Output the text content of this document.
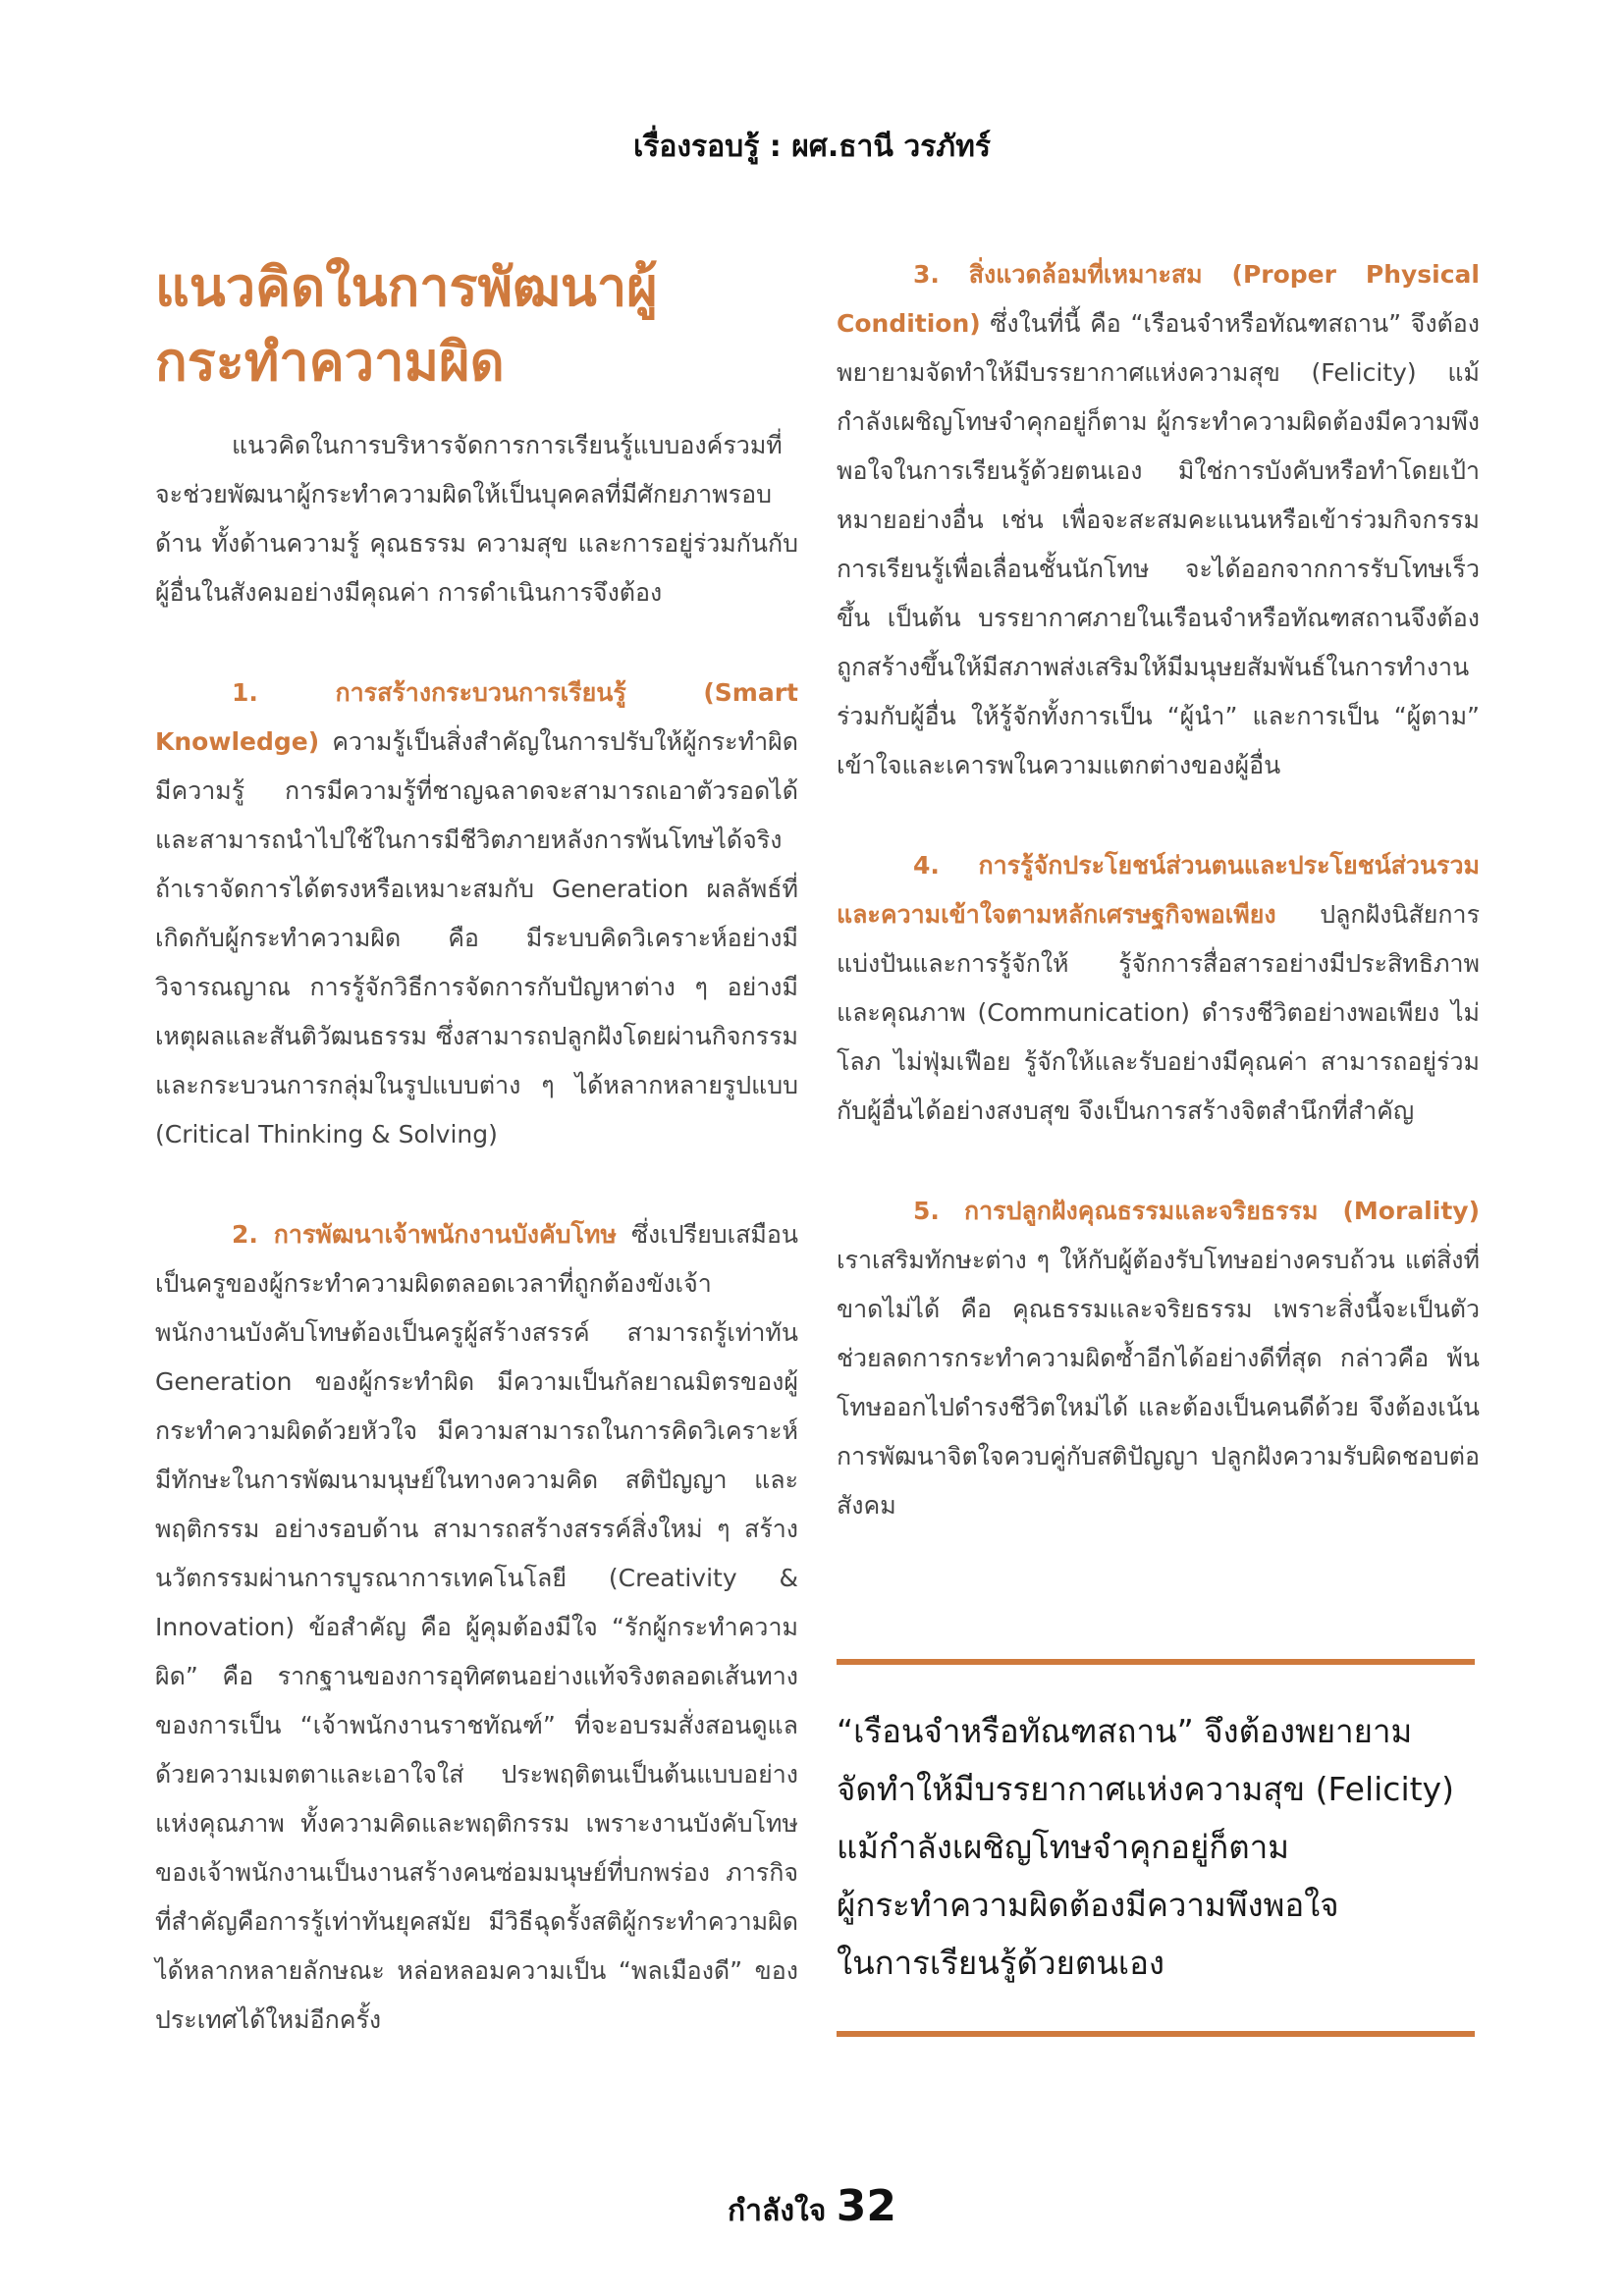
เรื่องรอบรู้ : ผศ.ธานี วรภัทร์
แนวคิดในการพัฒนาผู้กระทำความผิด

แนวคิดในการบริหารจัดการการเรียนรู้แบบองค์รวมที่จะช่วยพัฒนาผู้กระทำความผิดให้เป็นบุคคลที่มีศักยภาพรอบด้าน ทั้งด้านความรู้ คุณธรรม ความสุข และการอยู่ร่วมกันกับผู้อื่นในสังคมอย่างมีคุณค่า การดำเนินการจึงต้อง

1. การสร้างกระบวนการเรียนรู้ (Smart Knowledge) ความรู้เป็นสิ่งสำคัญในการปรับให้ผู้กระทำผิดมีความรู้ การมีความรู้ที่ชาญฉลาดจะสามารถเอาตัวรอดได้และสามารถนำไปใช้ในการมีชีวิตภายหลังการพ้นโทษได้จริง ถ้าเราจัดการได้ตรงหรือเหมาะสมกับ Generation ผลลัพธ์ที่เกิดกับผู้กระทำความผิด คือ มีระบบคิดวิเคราะห์อย่างมีวิจารณญาณ การรู้จักวิธีการจัดการกับปัญหาต่าง ๆ อย่างมีเหตุผลและสันติวัฒนธรรม ซึ่งสามารถปลูกฝังโดยผ่านกิจกรรมและกระบวนการกลุ่มในรูปแบบต่าง ๆ ได้หลากหลายรูปแบบ (Critical Thinking & Solving)

2. การพัฒนาเจ้าพนักงานบังคับโทษ ซึ่งเปรียบเสมือนเป็นครูของผู้กระทำความผิดตลอดเวลาที่ถูกต้องขังเจ้าพนักงานบังคับโทษต้องเป็นครูผู้สร้างสรรค์ สามารถรู้เท่าทัน Generation ของผู้กระทำผิด มีความเป็นกัลยาณมิตรของผู้กระทำความผิดด้วยหัวใจ มีความสามารถในการคิดวิเคราะห์ มีทักษะในการพัฒนามนุษย์ในทางความคิด สติปัญญา และพฤติกรรม อย่างรอบด้าน สามารถสร้างสรรค์สิ่งใหม่ ๆ สร้างนวัตกรรมผ่านการบูรณาการเทคโนโลยี (Creativity & Innovation) ข้อสำคัญ คือ ผู้คุมต้องมีใจ “รักผู้กระทำความผิด” คือ รากฐานของการอุทิศตนอย่างแท้จริงตลอดเส้นทางของการเป็น “เจ้าพนักงานราชทัณฑ์” ที่จะอบรมสั่งสอนดูแลด้วยความเมตตาและเอาใจใส่ ประพฤติตนเป็นต้นแบบอย่างแห่งคุณภาพ ทั้งความคิดและพฤติกรรม เพราะงานบังคับโทษของเจ้าพนักงานเป็นงานสร้างคนซ่อมมนุษย์ที่บกพร่อง ภารกิจที่สำคัญคือการรู้เท่าทันยุคสมัย มีวิธีฉุดรั้งสติผู้กระทำความผิดได้หลากหลายลักษณะ หล่อหลอมความเป็น “พลเมืองดี” ของประเทศได้ใหม่อีกครั้ง

3. สิ่งแวดล้อมที่เหมาะสม (Proper Physical Condition) ซึ่งในที่นี้ คือ “เรือนจำหรือทัณฑสถาน” จึงต้องพยายามจัดทำให้มีบรรยากาศแห่งความสุข (Felicity) แม้กำลังเผชิญโทษจำคุกอยู่ก็ตาม ผู้กระทำความผิดต้องมีความพึงพอใจในการเรียนรู้ด้วยตนเอง มิใช่การบังคับหรือทำโดยเป้าหมายอย่างอื่น เช่น เพื่อจะสะสมคะแนนหรือเข้าร่วมกิจกรรมการเรียนรู้เพื่อเลื่อนชั้นนักโทษ จะได้ออกจากการรับโทษเร็วขึ้น เป็นต้น บรรยากาศภายในเรือนจำหรือทัณฑสถานจึงต้องถูกสร้างขึ้นให้มีสภาพส่งเสริมให้มีมนุษยสัมพันธ์ในการทำงานร่วมกับผู้อื่น ให้รู้จักทั้งการเป็น “ผู้นำ” และการเป็น “ผู้ตาม” เข้าใจและเคารพในความแตกต่างของผู้อื่น

4. การรู้จักประโยชน์ส่วนตนและประโยชน์ส่วนรวมและความเข้าใจตามหลักเศรษฐกิจพอเพียง ปลูกฝังนิสัยการแบ่งปันและการรู้จักให้ รู้จักการสื่อสารอย่างมีประสิทธิภาพและคุณภาพ (Communication) ดำรงชีวิตอย่างพอเพียง ไม่โลภ ไม่ฟุ่มเฟือย รู้จักให้และรับอย่างมีคุณค่า สามารถอยู่ร่วมกับผู้อื่นได้อย่างสงบสุข จึงเป็นการสร้างจิตสำนึกที่สำคัญ

5. การปลูกฝังคุณธรรมและจริยธรรม (Morality) เราเสริมทักษะต่าง ๆ ให้กับผู้ต้องรับโทษอย่างครบถ้วน แต่สิ่งที่ขาดไม่ได้ คือ คุณธรรมและจริยธรรม เพราะสิ่งนี้จะเป็นตัวช่วยลดการกระทำความผิดซ้ำอีกได้อย่างดีที่สุด กล่าวคือ พ้นโทษออกไปดำรงชีวิตใหม่ได้ และต้องเป็นคนดีด้วย จึงต้องเน้นการพัฒนาจิตใจควบคู่กับสติปัญญา ปลูกฝังความรับผิดชอบต่อสังคม

“เรือนจำหรือทัณฑสถาน” จึงต้องพยายาม
จัดทำให้มีบรรยากาศแห่งความสุข (Felicity)
แม้กำลังเผชิญโทษจำคุกอยู่ก็ตาม
ผู้กระทำความผิดต้องมีความพึงพอใจ
ในการเรียนรู้ด้วยตนเอง
กำลังใจ 32
